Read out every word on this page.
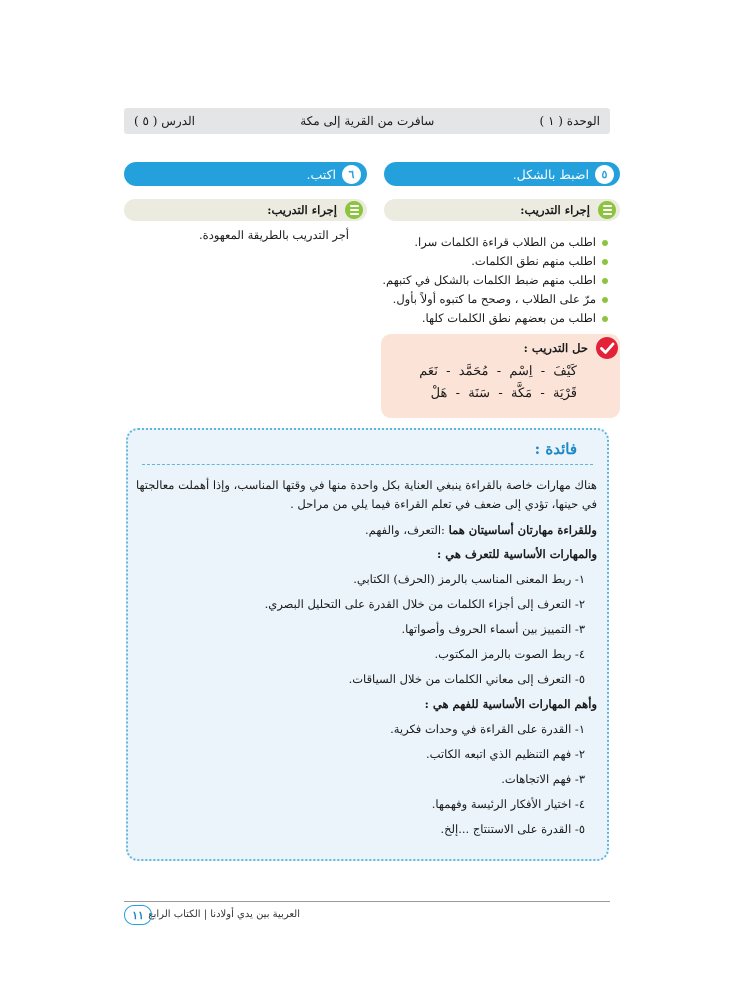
الوحدة ( ١ )
سافرت من القرية إلى مكة
الدرس ( ٥ )
٥
اضبط بالشكل.
٦
اكتب.
إجراء التدريب:
إجراء التدريب:
اطلب من الطلاب قراءة الكلمات سرا.
اطلب منهم نطق الكلمات.
اطلب منهم ضبط الكلمات بالشكل في كتبهم.
مرّ على الطلاب ، وصحح ما كتبوه أولاً بأول.
اطلب من بعضهم نطق الكلمات كلها.
أجر التدريب بالطريقة المعهودة.
حل التدريب :
كَيْفَ  -  اِسْم  -  مُحَمَّد  -  نَعَم
قَرْيَة  -  مَكَّة  -  سَنَة  -  هَلْ
فائدة :
هناك مهارات خاصة بالقراءة ينبغي العناية بكل واحدة منها في وقتها المناسب، وإذا أهملت معالجتها في حينها، تؤدي إلى ضعف في تعلم القراءة فيما يلي من مراحل .
وللقراءة مهارتان أساسيتان هما :التعرف، والفهم.
والمهارات الأساسية للتعرف هي :
١- ربط المعنى المناسب بالرمز (الحرف) الكتابي.
٢- التعرف إلى أجزاء الكلمات من خلال القدرة على التحليل البصري.
٣- التمييز بين أسماء الحروف وأصواتها.
٤- ربط الصوت بالرمز المكتوب.
٥- التعرف إلى معاني الكلمات من خلال السياقات.
وأهم المهارات الأساسية للفهم هي :
١- القدرة على القراءة في وحدات فكرية.
٢- فهم التنظيم الذي اتبعه الكاتب.
٣- فهم الاتجاهات.
٤- اختيار الأفكار الرئيسة وفهمها.
٥- القدرة على الاستنتاج ...إلخ.
العربية بين يدي أولادنا | الكتاب الرابع
١١
